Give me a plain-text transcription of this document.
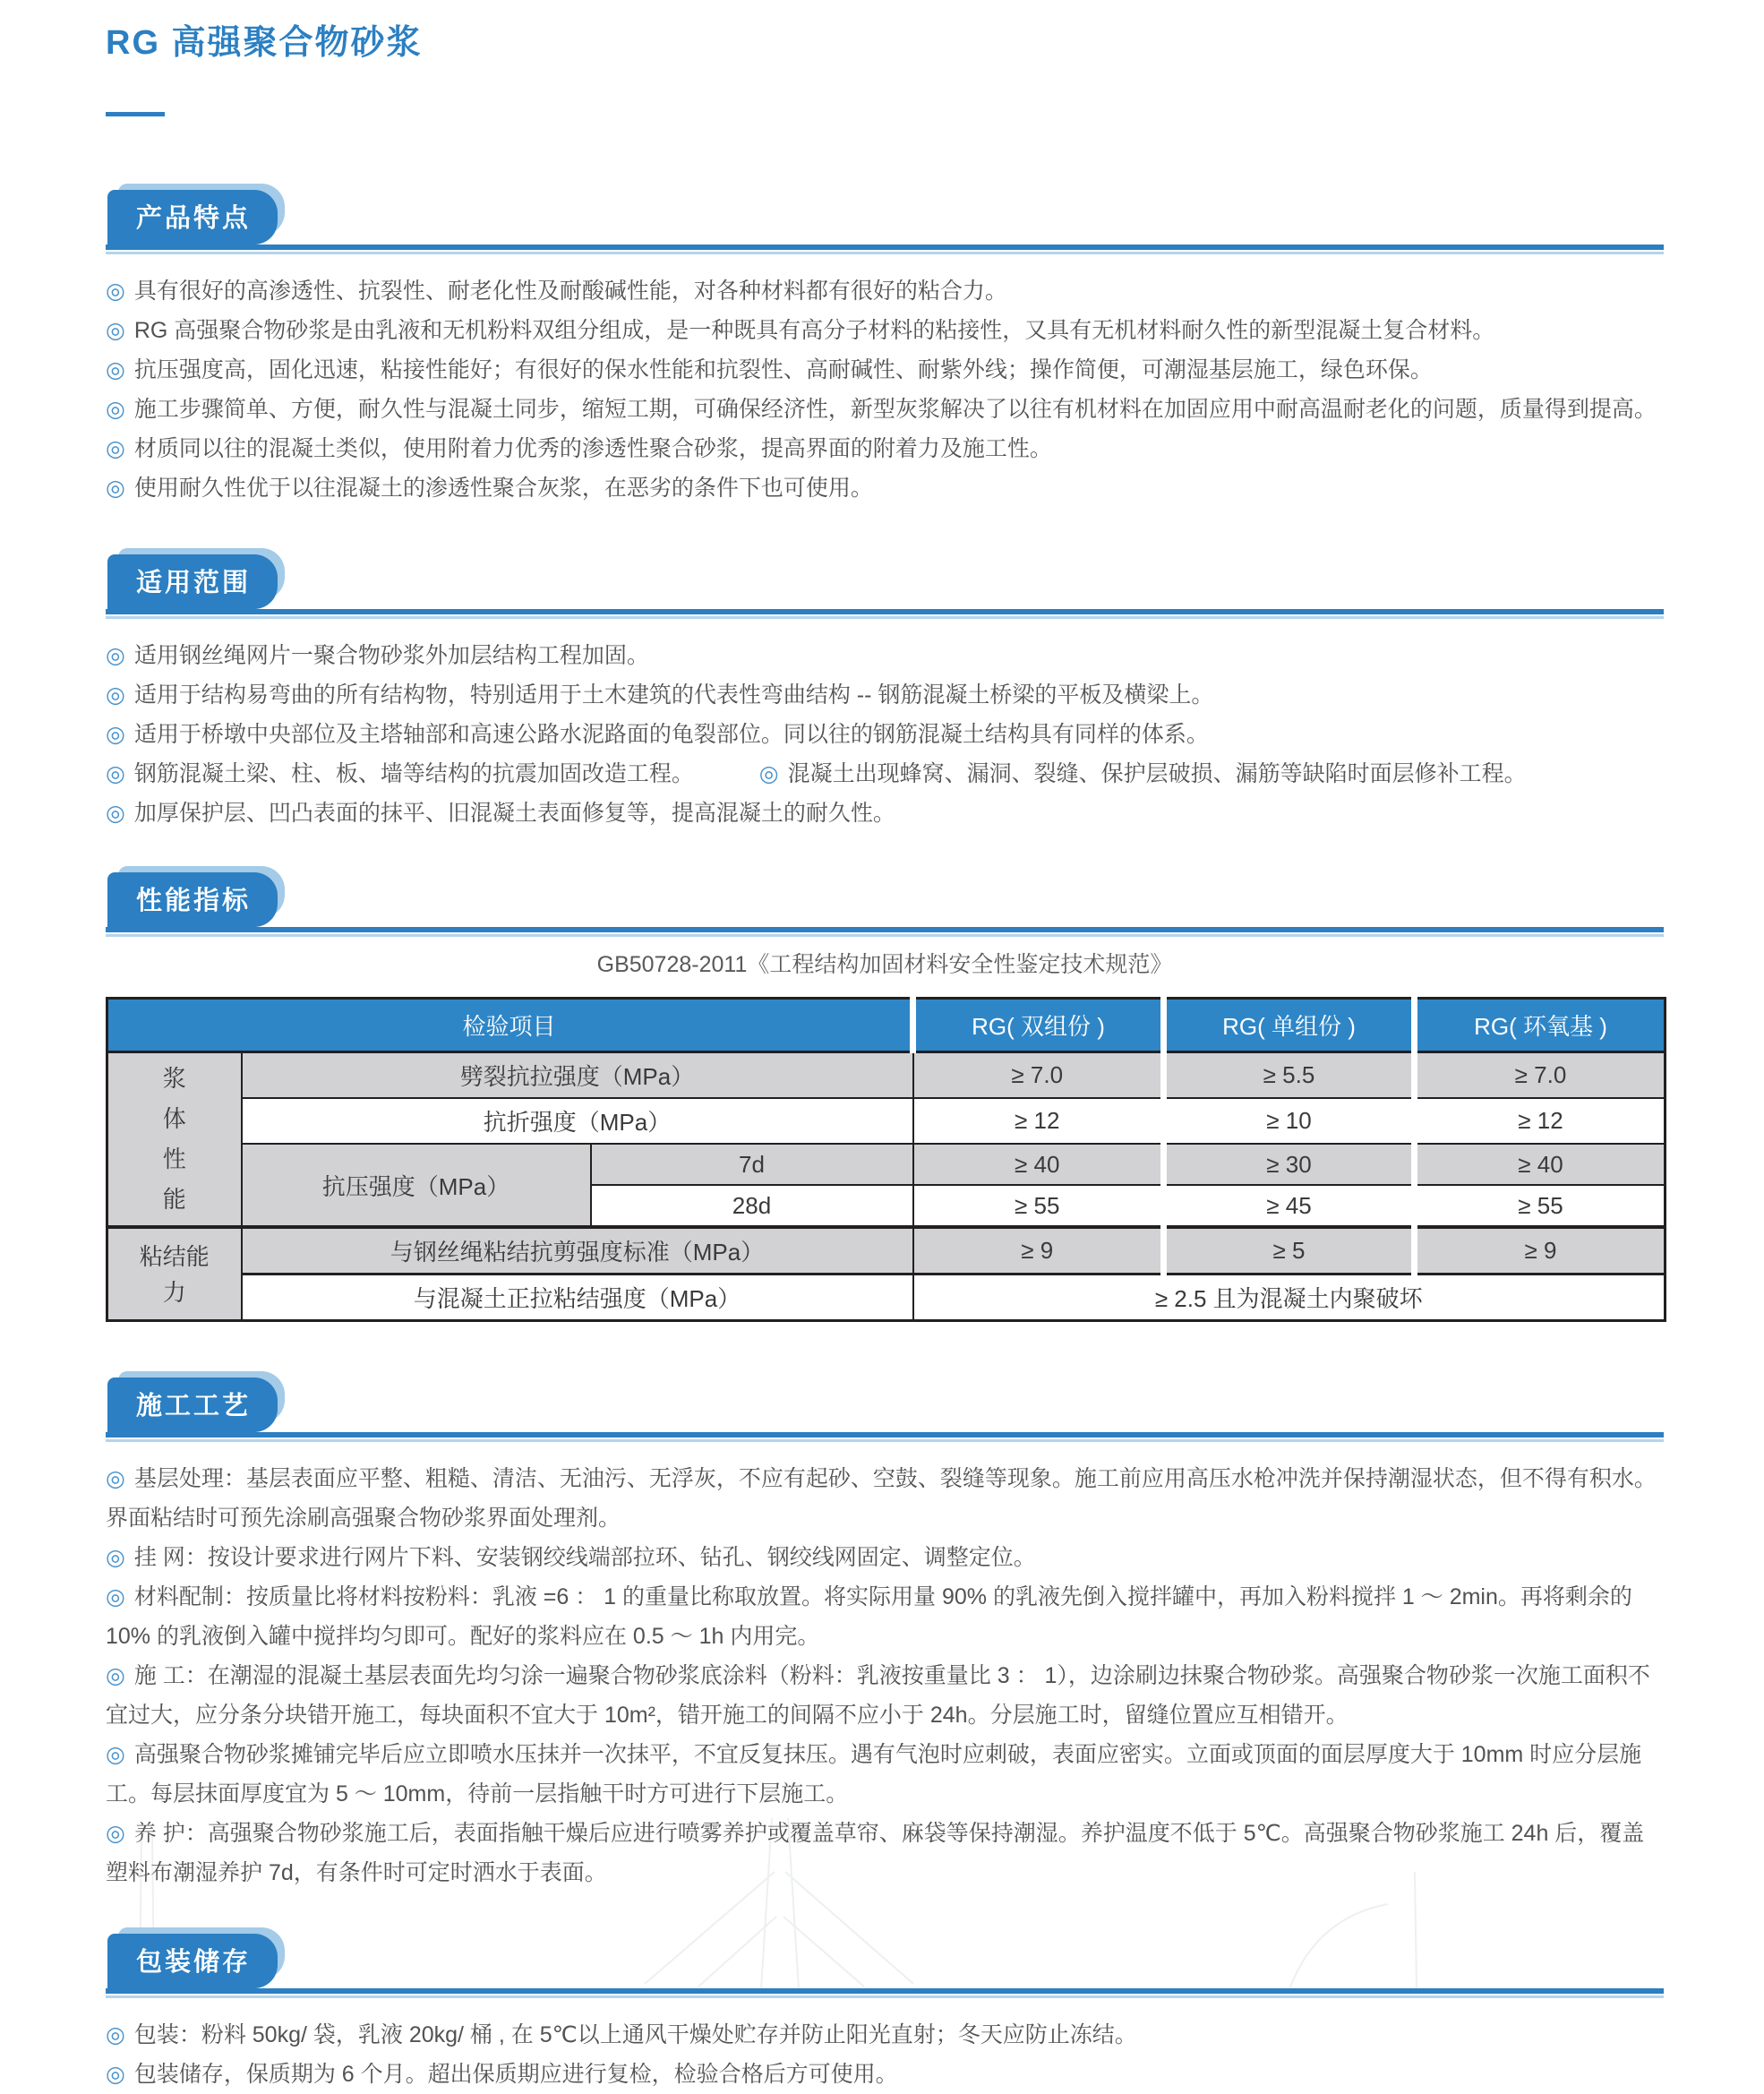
RG 高强聚合物砂浆
产品特点
◎ 具有很好的高渗透性、抗裂性、耐老化性及耐酸碱性能，对各种材料都有很好的粘合力。
◎ RG 高强聚合物砂浆是由乳液和无机粉料双组分组成，是一种既具有高分子材料的粘接性，又具有无机材料耐久性的新型混凝土复合材料。
◎ 抗压强度高，固化迅速，粘接性能好；有很好的保水性能和抗裂性、高耐碱性、耐紫外线；操作简便，可潮湿基层施工，绿色环保。
◎ 施工步骤简单、方便，耐久性与混凝土同步，缩短工期，可确保经济性，新型灰浆解决了以往有机材料在加固应用中耐高温耐老化的问题，质量得到提高。
◎ 材质同以往的混凝土类似，使用附着力优秀的渗透性聚合砂浆，提高界面的附着力及施工性。
◎ 使用耐久性优于以往混凝土的渗透性聚合灰浆，在恶劣的条件下也可使用。
适用范围
◎ 适用钢丝绳网片一聚合物砂浆外加层结构工程加固。
◎ 适用于结构易弯曲的所有结构物，特别适用于土木建筑的代表性弯曲结构 -- 钢筋混凝土桥梁的平板及横梁上。
◎ 适用于桥墩中央部位及主塔轴部和高速公路水泥路面的龟裂部位。同以往的钢筋混凝土结构具有同样的体系。
◎ 钢筋混凝土梁、柱、板、墙等结构的抗震加固改造工程。	◎ 混凝土出现蜂窝、漏洞、裂缝、保护层破损、漏筋等缺陷时面层修补工程。
◎ 加厚保护层、凹凸表面的抹平、旧混凝土表面修复等，提高混凝土的耐久性。
性能指标
GB50728-2011《工程结构加固材料安全性鉴定技术规范》
检验项目			RG( 双组份 )	RG( 单组份 )	RG( 环氧基 )

浆
体
性
能	劈裂抗拉强度（MPa）		≥ 7.0	≥ 5.5	≥ 7.0
	抗折强度（MPa）		≥ 12	≥ 10	≥ 12
	抗压强度（MPa）	7d	≥ 40	≥ 30	≥ 40
		28d	≥ 55	≥ 45	≥ 55

粘结能
力	与钢丝绳粘结抗剪强度标准（MPa）		≥ 9	≥ 5	≥ 9
	与混凝土正拉粘结强度（MPa）		≥ 2.5 且为混凝土内聚破坏		
施工工艺
◎ 基层处理：基层表面应平整、粗糙、清洁、无油污、无浮灰，不应有起砂、空鼓、裂缝等现象。施工前应用高压水枪冲洗并保持潮湿状态，但不得有积水。界面粘结时可预先涂刷高强聚合物砂浆界面处理剂。
◎ 挂 网：按设计要求进行网片下料、安装钢绞线端部拉环、钻孔、钢绞线网固定、调整定位。
◎ 材料配制：按质量比将材料按粉料：乳液 =6 ： 1 的重量比称取放置。将实际用量 90% 的乳液先倒入搅拌罐中，再加入粉料搅拌 1 ～ 2min。再将剩余的 10% 的乳液倒入罐中搅拌均匀即可。配好的浆料应在 0.5 ～ 1h 内用完。
◎ 施 工：在潮湿的混凝土基层表面先均匀涂一遍聚合物砂浆底涂料（粉料：乳液按重量比 3 ： 1），边涂刷边抹聚合物砂浆。高强聚合物砂浆一次施工面积不宜过大，应分条分块错开施工，每块面积不宜大于 10m²，错开施工的间隔不应小于 24h。分层施工时，留缝位置应互相错开。
◎ 高强聚合物砂浆摊铺完毕后应立即喷水压抹并一次抹平，不宜反复抹压。遇有气泡时应刺破，表面应密实。立面或顶面的面层厚度大于 10mm 时应分层施工。每层抹面厚度宜为 5 ～ 10mm，待前一层指触干时方可进行下层施工。
◎ 养 护：高强聚合物砂浆施工后，表面指触干燥后应进行喷雾养护或覆盖草帘、麻袋等保持潮湿。养护温度不低于 5℃。高强聚合物砂浆施工 24h 后，覆盖塑料布潮湿养护 7d，有条件时可定时洒水于表面。
包装储存
◎ 包装：粉料 50kg/ 袋，乳液 20kg/ 桶 , 在 5℃以上通风干燥处贮存并防止阳光直射；冬天应防止冻结。
◎ 包装储存，保质期为 6 个月。超出保质期应进行复检，检验合格后方可使用。
